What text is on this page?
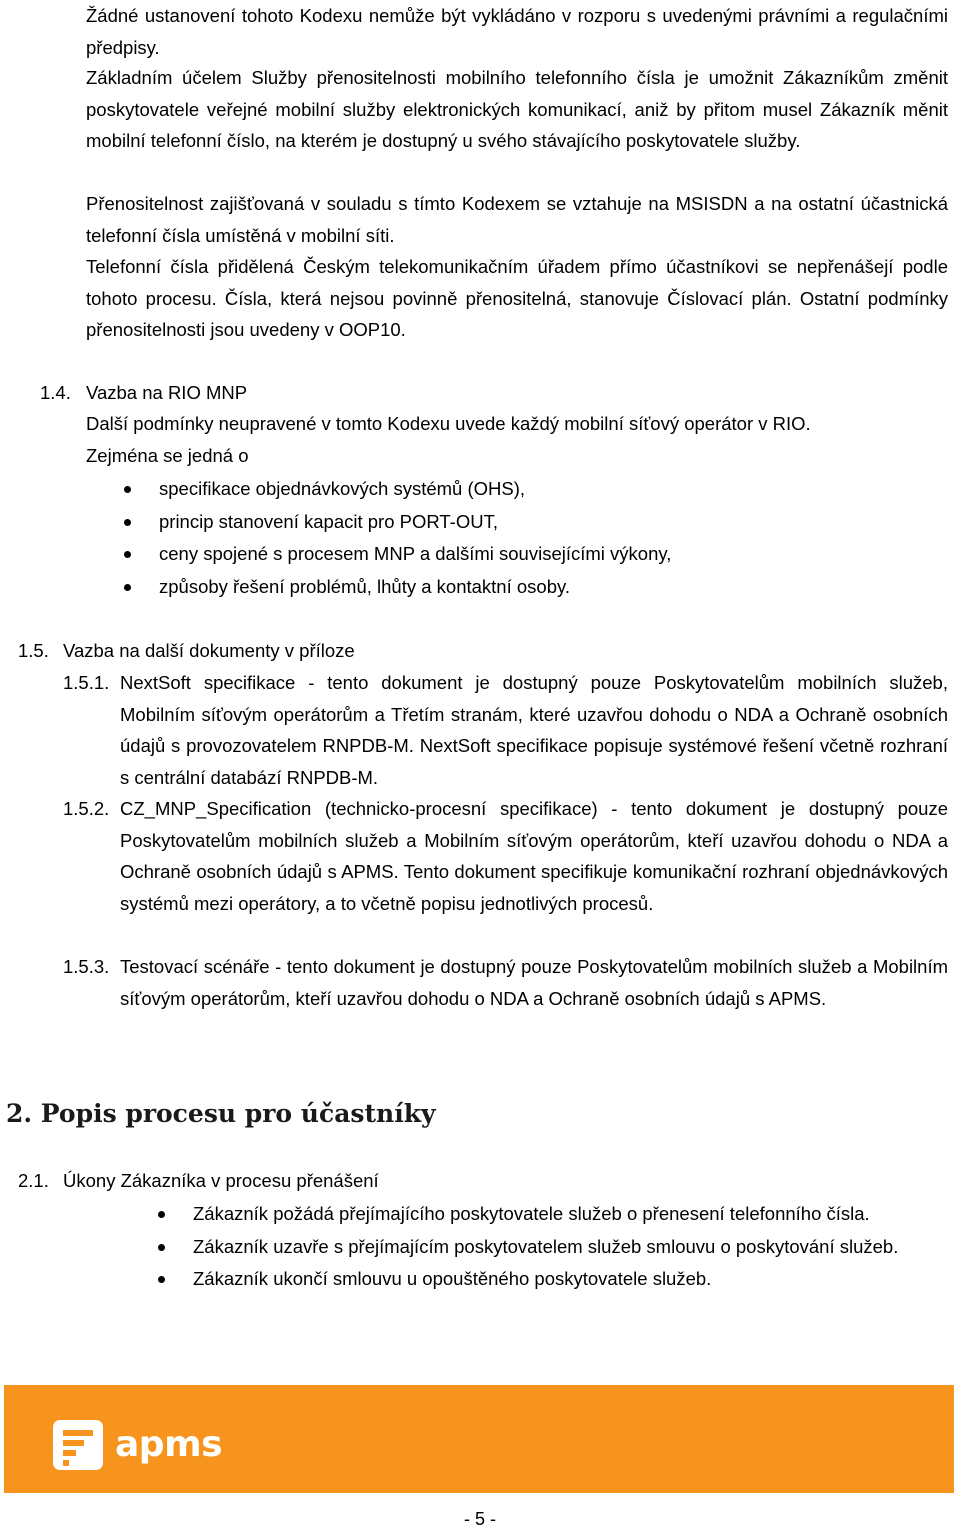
Žádné ustanovení tohoto Kodexu nemůže být vykládáno v rozporu s uvedenými právními a regulačními předpisy.

Základním účelem Služby přenositelnosti mobilního telefonního čísla je umožnit Zákazníkům změnit poskytovatele veřejné mobilní služby elektronických komunikací, aniž by přitom musel Zákazník měnit mobilní telefonní číslo, na kterém je dostupný u svého stávajícího poskytovatele služby.

Přenositelnost zajišťovaná v souladu s tímto Kodexem se vztahuje na MSISDN a na ostatní účastnická telefonní čísla umístěná v mobilní síti.

Telefonní čísla přidělená Českým telekomunikačním úřadem přímo účastníkovi se nepřenášejí podle tohoto procesu. Čísla, která nejsou povinně přenositelná, stanovuje Číslovací plán. Ostatní podmínky přenositelnosti jsou uvedeny v OOP10.

1.4. Vazba na RIO MNP

Další podmínky neupravené v tomto Kodexu uvede každý mobilní síťový operátor v RIO.

Zejména se jedná o

specifikace objednávkových systémů (OHS),
princip stanovení kapacit pro PORT-OUT,
ceny spojené s procesem MNP a dalšími souvisejícími výkony,
způsoby řešení problémů, lhůty a kontaktní osoby.
1.5. Vazba na další dokumenty v příloze
1.5.1. NextSoft specifikace - tento dokument je dostupný pouze Poskytovatelům mobilních služeb, Mobilním síťovým operátorům a Třetím stranám, které uzavřou dohodu o NDA a Ochraně osobních údajů s provozovatelem RNPDB-M. NextSoft specifikace popisuje systémové řešení včetně rozhraní s centrální databází RNPDB-M.

1.5.2. CZ_MNP_Specification (technicko-procesní specifikace) - tento dokument je dostupný pouze Poskytovatelům mobilních služeb a Mobilním síťovým operátorům, kteří uzavřou dohodu o NDA a Ochraně osobních údajů s APMS. Tento dokument specifikuje komunikační rozhraní objednávkových systémů mezi operátory, a to včetně popisu jednotlivých procesů.

1.5.3. Testovací scénáře - tento dokument je dostupný pouze Poskytovatelům mobilních služeb a Mobilním síťovým operátorům, kteří uzavřou dohodu o NDA a Ochraně osobních údajů s APMS.

2. Popis procesu pro účastníky
2.1. Úkony Zákazníka v procesu přenášení
Zákazník požádá přejímajícího poskytovatele služeb o přenesení telefonního čísla.
Zákazník uzavře s přejímajícím poskytovatelem služeb smlouvu o poskytování služeb.
Zákazník ukončí smlouvu u opouštěného poskytovatele služeb.
apms
- 5 -
